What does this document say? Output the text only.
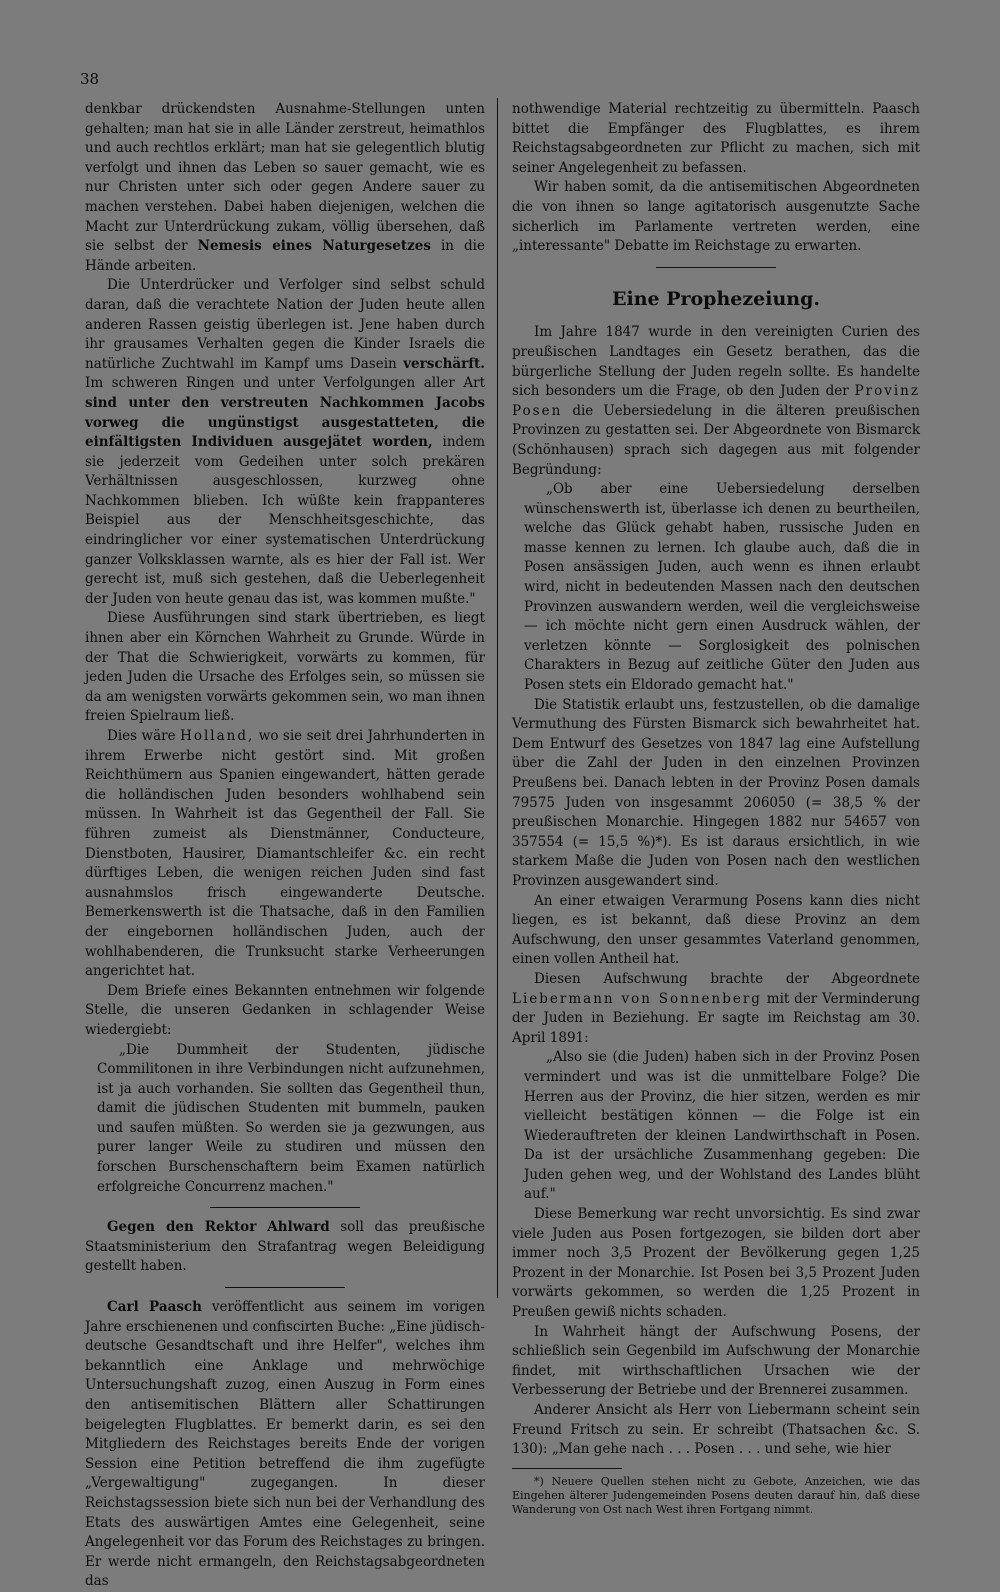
38

denkbar drückendsten Ausnahme-Stellungen unten gehalten; man hat sie in alle Länder zerstreut, heimathlos und auch rechtlos erklärt; man hat sie gelegentlich blutig verfolgt und ihnen das Leben so sauer gemacht, wie es nur Christen unter sich oder gegen Andere sauer zu machen verstehen. Dabei haben diejenigen, welchen die Macht zur Unterdrückung zukam, völlig übersehen, daß sie selbst der Nemesis eines Naturgesetzes in die Hände arbeiten.

Die Unterdrücker und Verfolger sind selbst schuld daran, daß die verachtete Nation der Juden heute allen anderen Rassen geistig überlegen ist. Jene haben durch ihr grausames Verhalten gegen die Kinder Israels die natürliche Zuchtwahl im Kampf ums Dasein verschärft. Im schweren Ringen und unter Verfolgungen aller Art sind unter den verstreuten Nachkommen Jacobs vorweg die ungünstigst ausgestatteten, die einfältigsten Individuen ausgejätet worden, indem sie jederzeit vom Gedeihen unter solch prekären Verhältnissen ausgeschlossen, kurzweg ohne Nachkommen blieben. Ich wüßte kein frappanteres Beispiel aus der Menschheitsgeschichte, das eindringlicher vor einer systematischen Unterdrückung ganzer Volksklassen warnte, als es hier der Fall ist. Wer gerecht ist, muß sich gestehen, daß die Ueberlegenheit der Juden von heute genau das ist, was kommen mußte."

Diese Ausführungen sind stark übertrieben, es liegt ihnen aber ein Körnchen Wahrheit zu Grunde. Würde in der That die Schwierigkeit, vorwärts zu kommen, für jeden Juden die Ursache des Erfolges sein, so müssen sie da am wenigsten vorwärts gekommen sein, wo man ihnen freien Spielraum ließ.

Dies wäre Holland, wo sie seit drei Jahrhunderten in ihrem Erwerbe nicht gestört sind. Mit großen Reichthümern aus Spanien eingewandert, hätten gerade die holländischen Juden besonders wohlhabend sein müssen. In Wahrheit ist das Gegentheil der Fall. Sie führen zumeist als Dienstmänner, Conducteure, Dienstboten, Hausirer, Diamantschleifer &c. ein recht dürftiges Leben, die wenigen reichen Juden sind fast ausnahmslos frisch eingewanderte Deutsche. Bemerkenswerth ist die Thatsache, daß in den Familien der eingebornen holländischen Juden, auch der wohlhabenderen, die Trunksucht starke Verheerungen angerichtet hat.

Dem Briefe eines Bekannten entnehmen wir folgende Stelle, die unseren Gedanken in schlagender Weise wiedergiebt:

„Die Dummheit der Studenten, jüdische Commilitonen in ihre Verbindungen nicht aufzunehmen, ist ja auch vorhanden. Sie sollten das Gegentheil thun, damit die jüdischen Studenten mit bummeln, pauken und saufen müßten. So werden sie ja gezwungen, aus purer langer Weile zu studiren und müssen den forschen Burschenschaftern beim Examen natürlich erfolgreiche Concurrenz machen."

Gegen den Rektor Ahlward soll das preußische Staatsministerium den Strafantrag wegen Beleidigung gestellt haben.

Carl Paasch veröffentlicht aus seinem im vorigen Jahre erschienenen und confiscirten Buche: „Eine jüdisch-deutsche Gesandtschaft und ihre Helfer", welches ihm bekanntlich eine Anklage und mehrwöchige Untersuchungshaft zuzog, einen Auszug in Form eines den antisemitischen Blättern aller Schattirungen beigelegten Flugblattes. Er bemerkt darin, es sei den Mitgliedern des Reichstages bereits Ende der vorigen Session eine Petition betreffend die ihm zugefügte „Vergewaltigung" zugegangen. In dieser Reichstagssession biete sich nun bei der Verhandlung des Etats des auswärtigen Amtes eine Gelegenheit, seine Angelegenheit vor das Forum des Reichstages zu bringen. Er werde nicht ermangeln, den Reichstagsabgeordneten das

nothwendige Material rechtzeitig zu übermitteln. Paasch bittet die Empfänger des Flugblattes, es ihrem Reichstagsabgeordneten zur Pflicht zu machen, sich mit seiner Angelegenheit zu befassen.

Wir haben somit, da die antisemitischen Abgeordneten die von ihnen so lange agitatorisch ausgenutzte Sache sicherlich im Parlamente vertreten werden, eine „interessante" Debatte im Reichstage zu erwarten.

Eine Prophezeiung.

Im Jahre 1847 wurde in den vereinigten Curien des preußischen Landtages ein Gesetz berathen, das die bürgerliche Stellung der Juden regeln sollte. Es handelte sich besonders um die Frage, ob den Juden der Provinz Posen die Uebersiedelung in die älteren preußischen Provinzen zu gestatten sei. Der Abgeordnete von Bismarck (Schönhausen) sprach sich dagegen aus mit folgender Begründung:

„Ob aber eine Uebersiedelung derselben wünschenswerth ist, überlasse ich denen zu beurtheilen, welche das Glück gehabt haben, russische Juden en masse kennen zu lernen. Ich glaube auch, daß die in Posen ansässigen Juden, auch wenn es ihnen erlaubt wird, nicht in bedeutenden Massen nach den deutschen Provinzen auswandern werden, weil die vergleichsweise — ich möchte nicht gern einen Ausdruck wählen, der verletzen könnte — Sorglosigkeit des polnischen Charakters in Bezug auf zeitliche Güter den Juden aus Posen stets ein Eldorado gemacht hat."

Die Statistik erlaubt uns, festzustellen, ob die damalige Vermuthung des Fürsten Bismarck sich bewahrheitet hat. Dem Entwurf des Gesetzes von 1847 lag eine Aufstellung über die Zahl der Juden in den einzelnen Provinzen Preußens bei. Danach lebten in der Provinz Posen damals 79575 Juden von insgesammt 206050 (= 38,5 % der preußischen Monarchie. Hingegen 1882 nur 54657 von 357554 (= 15,5 %)*). Es ist daraus ersichtlich, in wie starkem Maße die Juden von Posen nach den westlichen Provinzen ausgewandert sind.

An einer etwaigen Verarmung Posens kann dies nicht liegen, es ist bekannt, daß diese Provinz an dem Aufschwung, den unser gesammtes Vaterland genommen, einen vollen Antheil hat.

Diesen Aufschwung brachte der Abgeordnete Liebermann von Sonnenberg mit der Verminderung der Juden in Beziehung. Er sagte im Reichstag am 30. April 1891:

„Also sie (die Juden) haben sich in der Provinz Posen vermindert und was ist die unmittelbare Folge? Die Herren aus der Provinz, die hier sitzen, werden es mir vielleicht bestätigen können — die Folge ist ein Wiederauftreten der kleinen Landwirthschaft in Posen. Da ist der ursächliche Zusammenhang gegeben: Die Juden gehen weg, und der Wohlstand des Landes blüht auf."

Diese Bemerkung war recht unvorsichtig. Es sind zwar viele Juden aus Posen fortgezogen, sie bilden dort aber immer noch 3,5 Prozent der Bevölkerung gegen 1,25 Prozent in der Monarchie. Ist Posen bei 3,5 Prozent Juden vorwärts gekommen, so werden die 1,25 Prozent in Preußen gewiß nichts schaden.

In Wahrheit hängt der Aufschwung Posens, der schließlich sein Gegenbild im Aufschwung der Monarchie findet, mit wirthschaftlichen Ursachen wie der Verbesserung der Betriebe und der Brennerei zusammen.

Anderer Ansicht als Herr von Liebermann scheint sein Freund Fritsch zu sein. Er schreibt (Thatsachen &c. S. 130): „Man gehe nach . . . Posen . . . und sehe, wie hier

*) Neuere Quellen stehen nicht zu Gebote, Anzeichen, wie das Eingehen älterer Judengemeinden Posens deuten darauf hin, daß diese Wanderung von Ost nach West ihren Fortgang nimmt.
